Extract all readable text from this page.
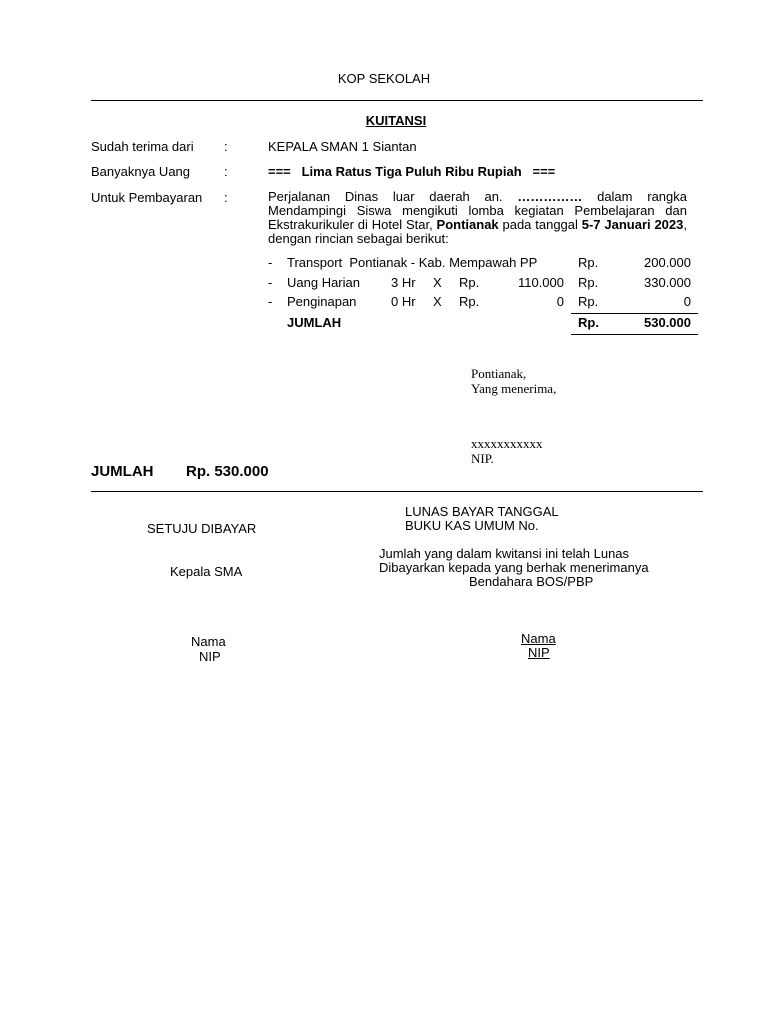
KOP SEKOLAH
KUITANSI
Sudah terima dari :	KEPALA SMAN 1 Siantan
Banyaknya Uang	:	===   Lima Ratus Tiga Puluh Ribu Rupiah   ===
Untuk Pembayaran :	Perjalanan Dinas luar daerah an. …………… dalam rangka Mendampingi Siswa mengikuti lomba kegiatan Pembelajaran dan Ekstrakurikuler di Hotel Star, Pontianak pada tanggal 5-7 Januari 2023, dengan rincian sebagai berikut:
- Transport  Pontianak - Kab. Mempawah PP	Rp.	200.000
- Uang Harian 3 Hr X Rp.	110.000 Rp.	330.000
- Penginapan	0 Hr X Rp.	0 Rp.	0
JUMLAH	Rp.	530.000
Pontianak,
Yang menerima,
xxxxxxxxxxx
NIP.
JUMLAH Rp. 530.000
SETUJU DIBAYAR
Kepala SMA
Nama
NIP
LUNAS BAYAR TANGGAL
BUKU KAS UMUM No.
Jumlah yang dalam kwitansi ini telah Lunas
Dibayarkan kepada yang berhak menerimanya
Bendahara BOS/PBP
Nama
NIP
